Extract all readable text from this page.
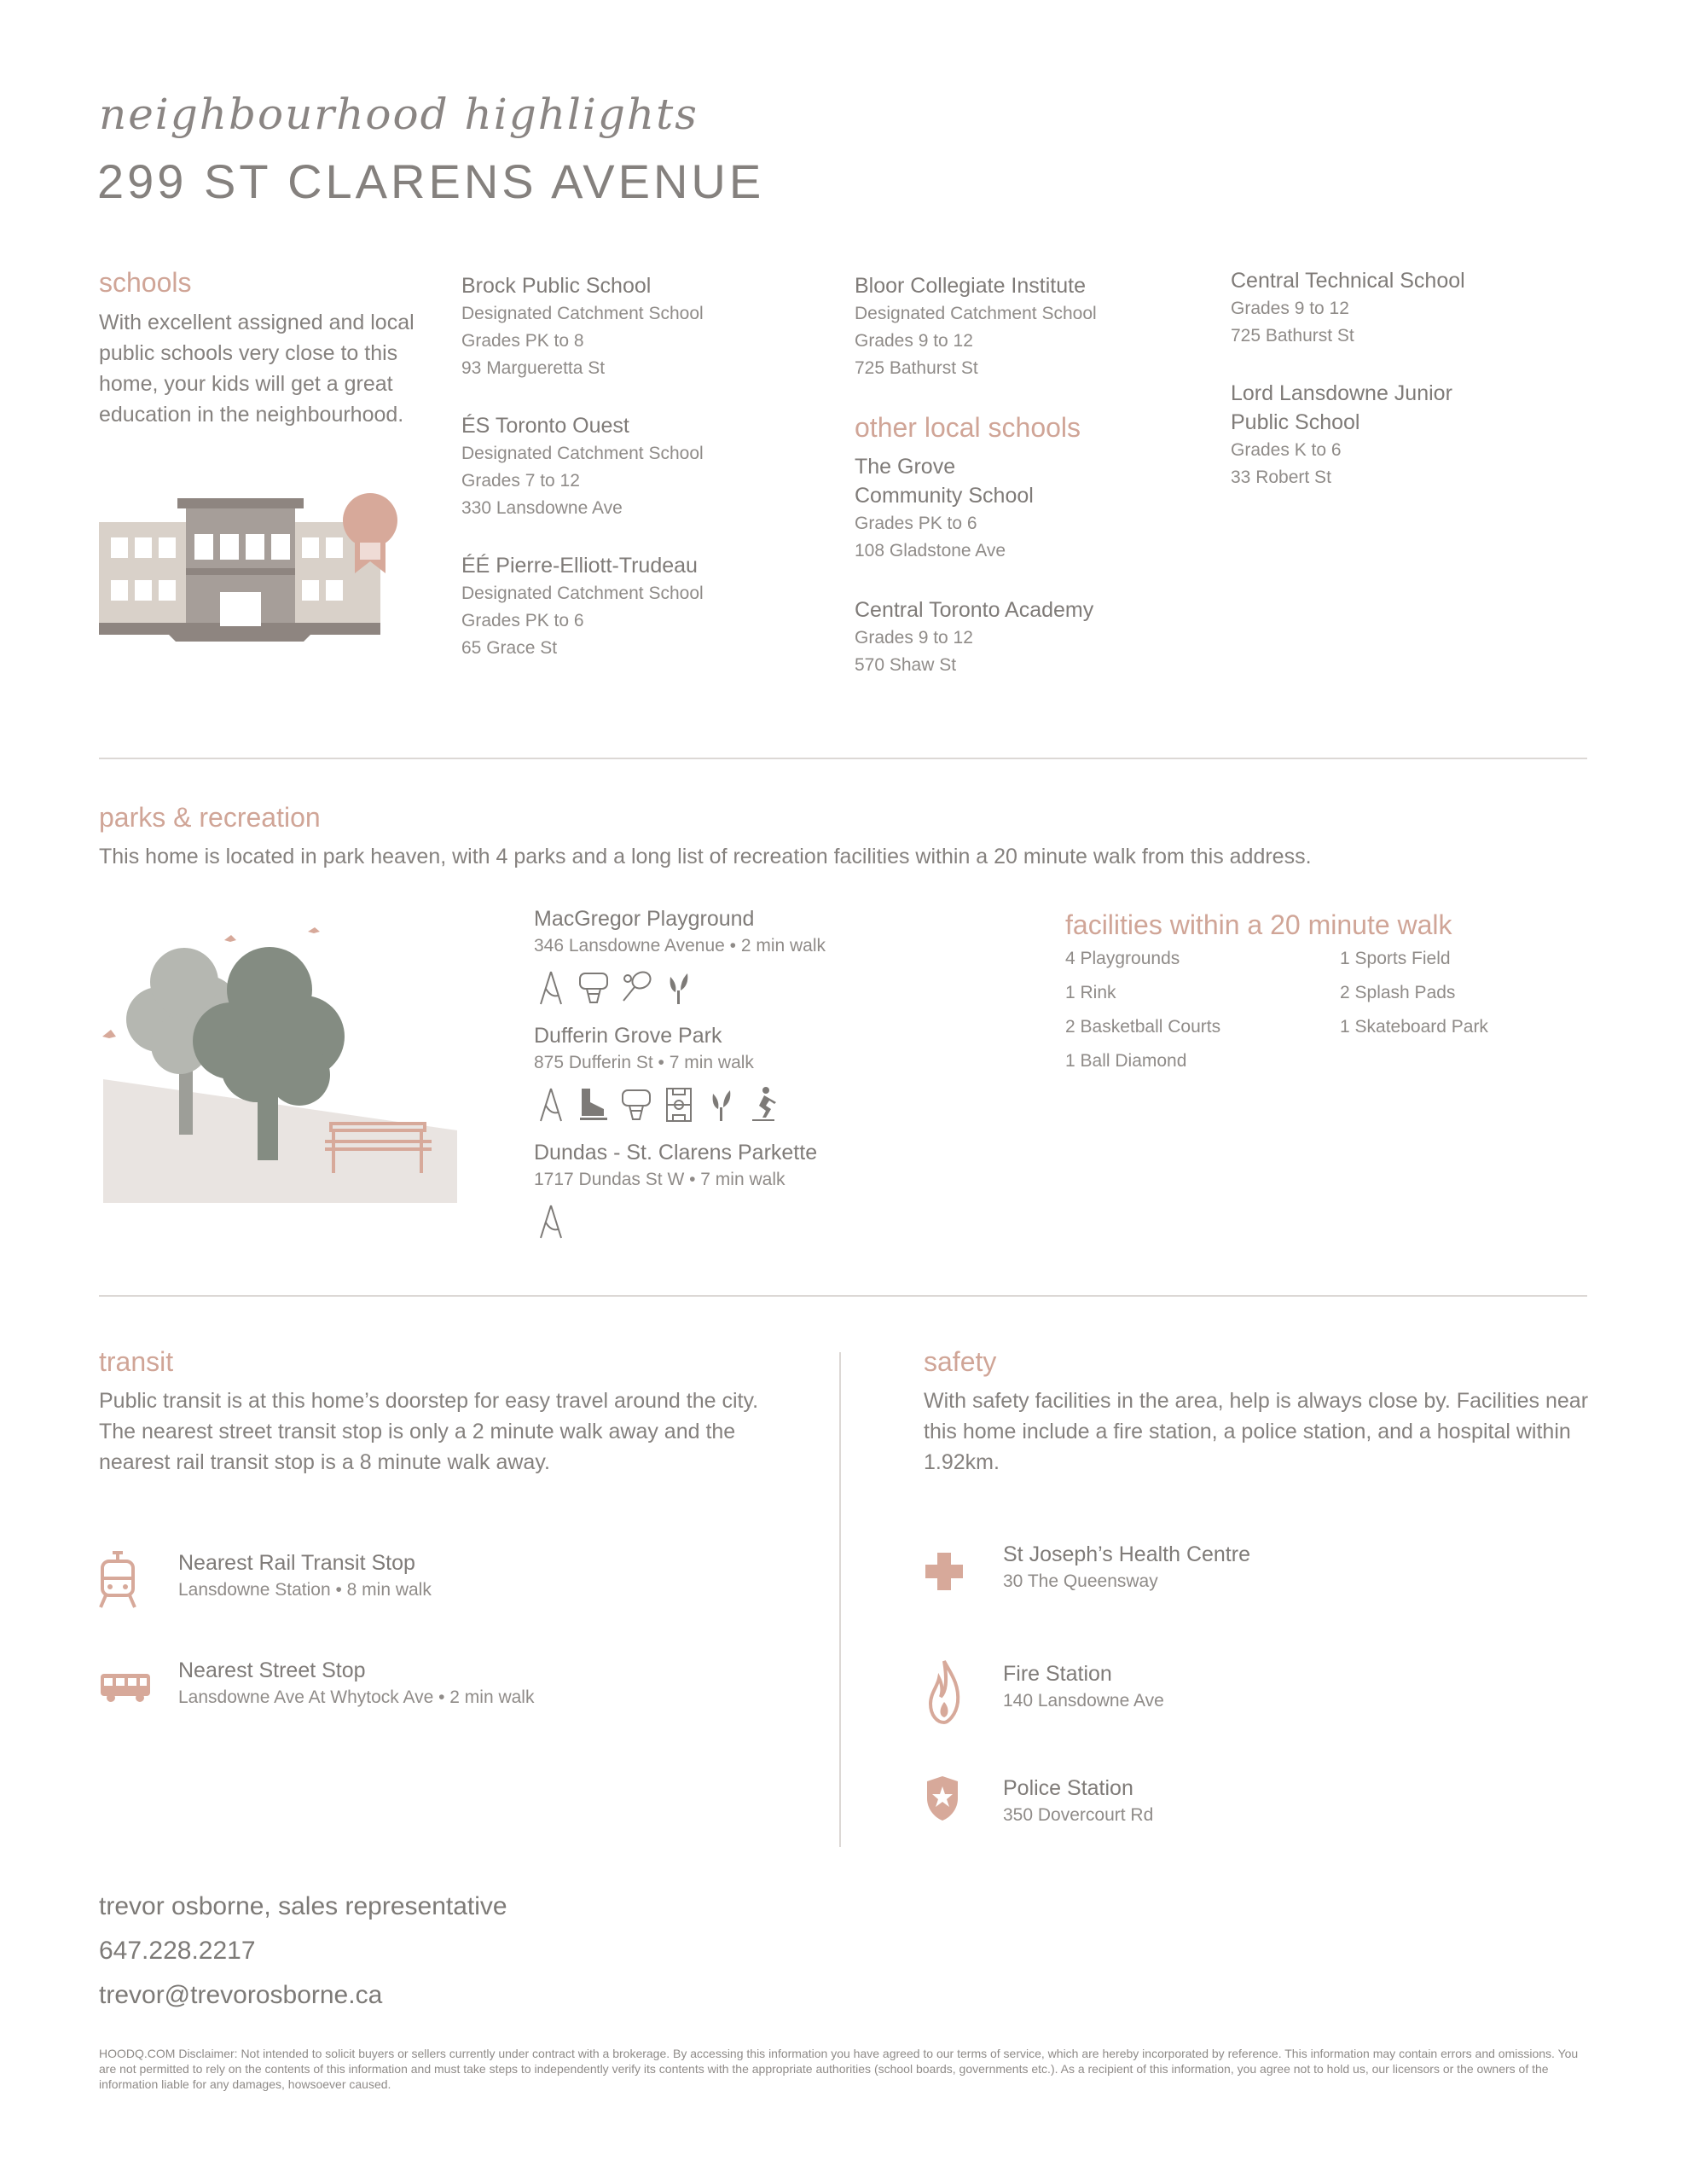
neighbourhood highlights
299 ST CLARENS AVENUE
schools
With excellent assigned and local public schools very close to this home, your kids will get a great education in the neighbourhood.
Brock Public School
Designated Catchment School
Grades PK to 8
93 Margueretta St
ÉS Toronto Ouest
Designated Catchment School
Grades 7 to 12
330 Lansdowne Ave
ÉÉ Pierre-Elliott-Trudeau
Designated Catchment School
Grades PK to 6
65 Grace St
Bloor Collegiate Institute
Designated Catchment School
Grades 9 to 12
725 Bathurst St
other local schools
The Grove
Community School
Grades PK to 6
108 Gladstone Ave
Central Toronto Academy
Grades 9 to 12
570 Shaw St
Central Technical School
Grades 9 to 12
725 Bathurst St
Lord Lansdowne Junior
Public School
Grades K to 6
33 Robert St
parks & recreation
This home is located in park heaven, with 4 parks and a long list of recreation facilities within a 20 minute walk from this address.
MacGregor Playground
346 Lansdowne Avenue • 2 min walk
Dufferin Grove Park
875 Dufferin St • 7 min walk
Dundas - St. Clarens Parkette
1717 Dundas St W • 7 min walk
facilities within a 20 minute walk
4 Playgrounds
1 Rink
2 Basketball Courts
1 Ball Diamond
1 Sports Field
2 Splash Pads
1 Skateboard Park
transit
Public transit is at this home’s doorstep for easy travel around the city. The nearest street transit stop is only a 2 minute walk away and the nearest rail transit stop is a 8 minute walk away.
Nearest Rail Transit Stop
Lansdowne Station • 8 min walk
Nearest Street Stop
Lansdowne Ave At Whytock Ave • 2 min walk
safety
With safety facilities in the area, help is always close by. Facilities near this home include a fire station, a police station, and a hospital within 1.92km.
St Joseph’s Health Centre
30 The Queensway
Fire Station
140 Lansdowne Ave
Police Station
350 Dovercourt Rd
trevor osborne, sales representative
647.228.2217
trevor@trevorosborne.ca
HOODQ.COM Disclaimer: Not intended to solicit buyers or sellers currently under contract with a brokerage. By accessing this information you have agreed to our terms of service, which are hereby incorporated by reference. This information may contain errors and omissions. You are not permitted to rely on the contents of this information and must take steps to independently verify its contents with the appropriate authorities (school boards, governments etc.). As a recipient of this information, you agree not to hold us, our licensors or the owners of the information liable for any damages, howsoever caused.
